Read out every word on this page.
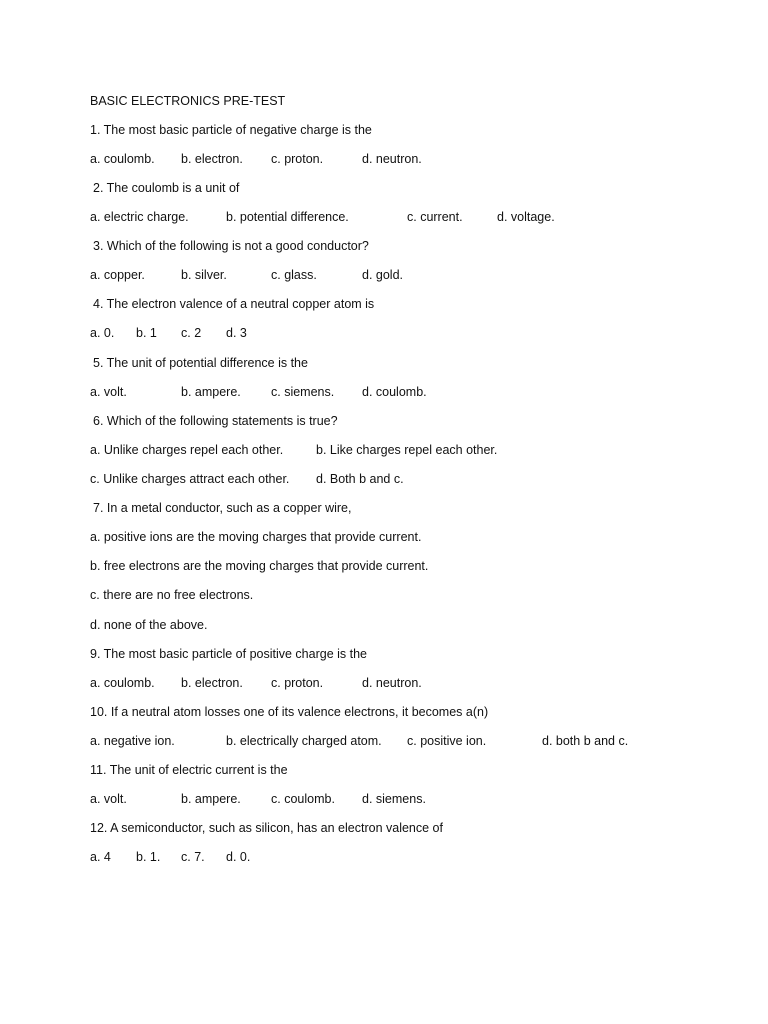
BASIC ELECTRONICS PRE-TEST
1. The most basic particle of negative charge is the
a. coulomb. b. electron. c. proton.	d. neutron.
2. The coulomb is a unit of
a. electric charge.	b. potential difference.	c. current.	d. voltage.
3. Which of the following is not a good conductor?
a. copper.	b. silver.	c. glass.	d. gold.
4. The electron valence of a neutral copper atom is
a. 0. b. 1 c. 2 d. 3
5. The unit of potential difference is the
a. volt.	b. ampere. c. siemens. d. coulomb.
6. Which of the following statements is true?
a. Unlike charges repel each other.	b. Like charges repel each other.
c. Unlike charges attract each other. d. Both b and c.
7. In a metal conductor, such as a copper wire,
a. positive ions are the moving charges that provide current.
b. free electrons are the moving charges that provide current.
c. there are no free electrons.
d. none of the above.
9. The most basic particle of positive charge is the
a. coulomb. b. electron. c. proton.	d. neutron.
10. If a neutral atom losses one of its valence electrons, it becomes a(n)
a. negative ion.	b. electrically charged atom. c. positive ion.	d. both b and c.
11. The unit of electric current is the
a. volt.	b. ampere. c. coulomb. d. siemens.
12. A semiconductor, such as silicon, has an electron valence of
a. 4 b. 1. c. 7. d. 0.
